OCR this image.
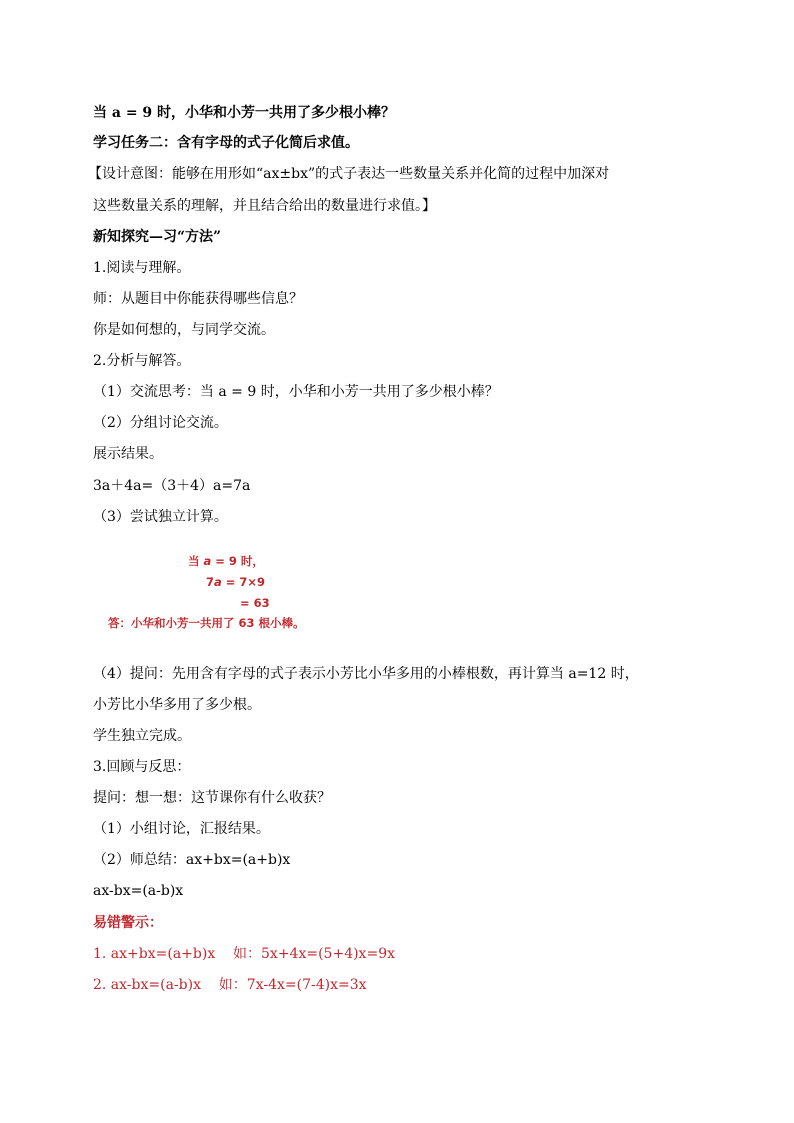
当 a = 9 时，小华和小芳一共用了多少根小棒？
学习任务二：含有字母的式子化简后求值。
【设计意图：能够在用形如“ax±bx”的式子表达一些数量关系并化简的过程中加深对
这些数量关系的理解，并且结合给出的数量进行求值。】
新知探究—习“方法”
1.阅读与理解。
师：从题目中你能获得哪些信息？
你是如何想的，与同学交流。
2.分析与解答。
（1）交流思考：当 a = 9 时，小华和小芳一共用了多少根小棒？
（2）分组讨论交流。
展示结果。
3a＋4a=（3＋4）a=7a
（3）尝试独立计算。
当 a = 9 时，
7a = 7×9
= 63
答：小华和小芳一共用了 63 根小棒。
（4）提问：先用含有字母的式子表示小芳比小华多用的小棒根数，再计算当 a=12 时，
小芳比小华多用了多少根。
学生独立完成。
3.回顾与反思：
提问：想一想：这节课你有什么收获？
（1）小组讨论，汇报结果。
（2）师总结：ax+bx=(a+b)x
ax-bx=(a-b)x
易错警示：
1. ax+bx=(a+b)x    如：5x+4x=(5+4)x=9x
2. ax-bx=(a-b)x    如：7x-4x=(7-4)x=3x
